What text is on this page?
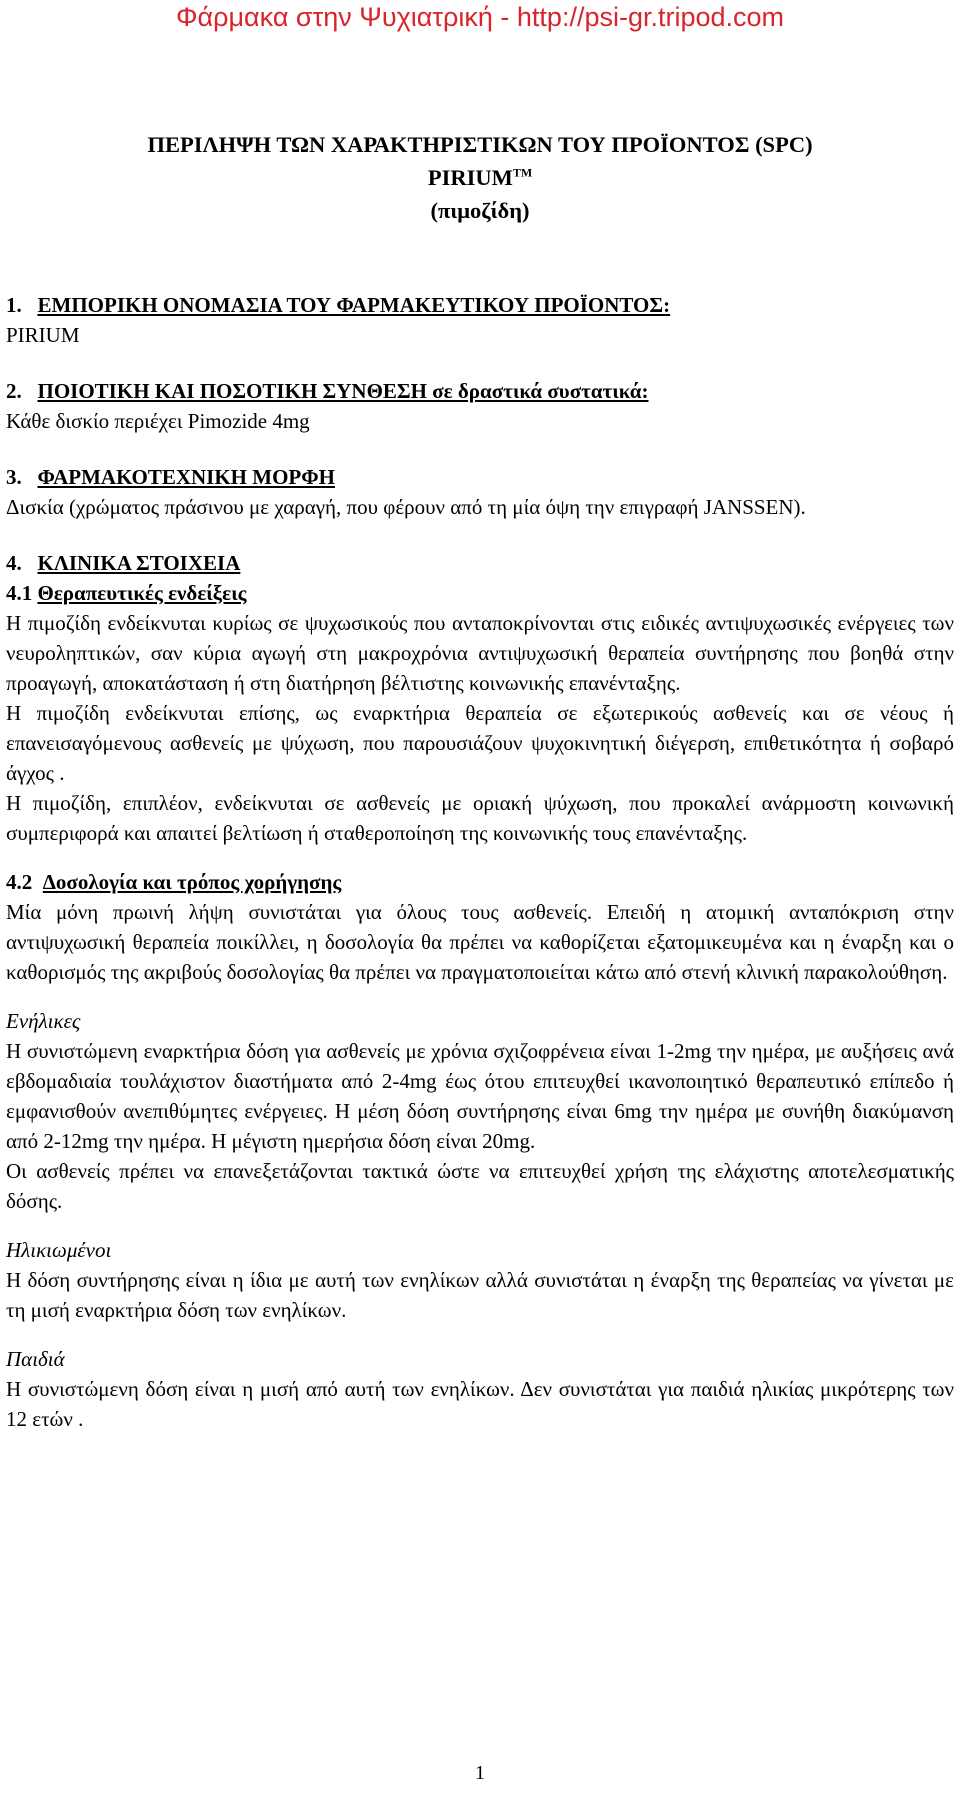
Φάρμακα στην Ψυχιατρική - http://psi-gr.tripod.com
ΠΕΡΙΛΗΨΗ ΤΩΝ ΧΑΡΑΚΤΗΡΙΣΤΙΚΩΝ ΤΟΥ ΠΡΟΪΟΝΤΟΣ (SPC)
PIRIUM™
(πιμοζίδη)
1. ΕΜΠΟΡΙΚΗ ΟΝΟΜΑΣΙΑ ΤΟΥ ΦΑΡΜΑΚΕΥΤΙΚΟΥ ΠΡΟΪΟΝΤΟΣ:
PIRIUM
2. ΠΟΙΟΤΙΚΗ ΚΑΙ ΠΟΣΟΤΙΚΗ ΣΥΝΘΕΣΗ σε δραστικά συστατικά:
Κάθε δισκίο περιέχει Pimozide 4mg
3. ΦΑΡΜΑΚΟΤΕΧΝΙΚΗ ΜΟΡΦΗ
Δισκία (χρώματος πράσινου με χαραγή, που φέρουν από τη μία όψη την επιγραφή JANSSEN).
4. ΚΛΙΝΙΚΑ ΣΤΟΙΧΕΙΑ
4.1 Θεραπευτικές ενδείξεις
Η πιμοζίδη ενδείκνυται κυρίως σε ψυχωσικούς που ανταποκρίνονται στις ειδικές αντιψυχωσικές ενέργειες των νευροληπτικών, σαν κύρια αγωγή στη μακροχρόνια αντιψυχωσική θεραπεία συντήρησης που βοηθά στην προαγωγή, αποκατάσταση ή στη διατήρηση βέλτιστης κοινωνικής επανένταξης.
Η πιμοζίδη ενδείκνυται επίσης, ως εναρκτήρια θεραπεία σε εξωτερικούς ασθενείς και σε νέους ή επανεισαγόμενους ασθενείς με ψύχωση, που παρουσιάζουν ψυχοκινητική διέγερση, επιθετικότητα ή σοβαρό άγχος .
Η πιμοζίδη, επιπλέον, ενδείκνυται σε ασθενείς με οριακή ψύχωση, που προκαλεί ανάρμοστη κοινωνική συμπεριφορά και απαιτεί βελτίωση ή σταθεροποίηση της κοινωνικής τους επανένταξης.
4.2 Δοσολογία και τρόπος χορήγησης
Μία μόνη πρωινή λήψη συνιστάται για όλους τους ασθενείς. Επειδή η ατομική ανταπόκριση στην αντιψυχωσική θεραπεία ποικίλλει, η δοσολογία θα πρέπει να καθορίζεται εξατομικευμένα και η έναρξη και ο καθορισμός της ακριβούς δοσολογίας θα πρέπει να πραγματοποιείται κάτω από στενή κλινική παρακολούθηση.
Ενήλικες
Η συνιστώμενη εναρκτήρια δόση για ασθενείς με χρόνια σχιζοφρένεια είναι 1-2mg την ημέρα, με αυξήσεις ανά εβδομαδιαία τουλάχιστον διαστήματα από 2-4mg έως ότου επιτευχθεί ικανοποιητικό θεραπευτικό επίπεδο ή εμφανισθούν ανεπιθύμητες ενέργειες. Η μέση δόση συντήρησης είναι 6mg την ημέρα με συνήθη διακύμανση από 2-12mg την ημέρα. Η μέγιστη ημερήσια δόση είναι 20mg.
Οι ασθενείς πρέπει να επανεξετάζονται τακτικά ώστε να επιτευχθεί χρήση της ελάχιστης αποτελεσματικής δόσης.
Ηλικιωμένοι
Η δόση συντήρησης είναι η ίδια με αυτή των ενηλίκων αλλά συνιστάται η έναρξη της θεραπείας να γίνεται με τη μισή εναρκτήρια δόση των ενηλίκων.
Παιδιά
Η συνιστώμενη δόση είναι η μισή από αυτή των ενηλίκων. Δεν συνιστάται για παιδιά ηλικίας μικρότερης των 12 ετών .
1
